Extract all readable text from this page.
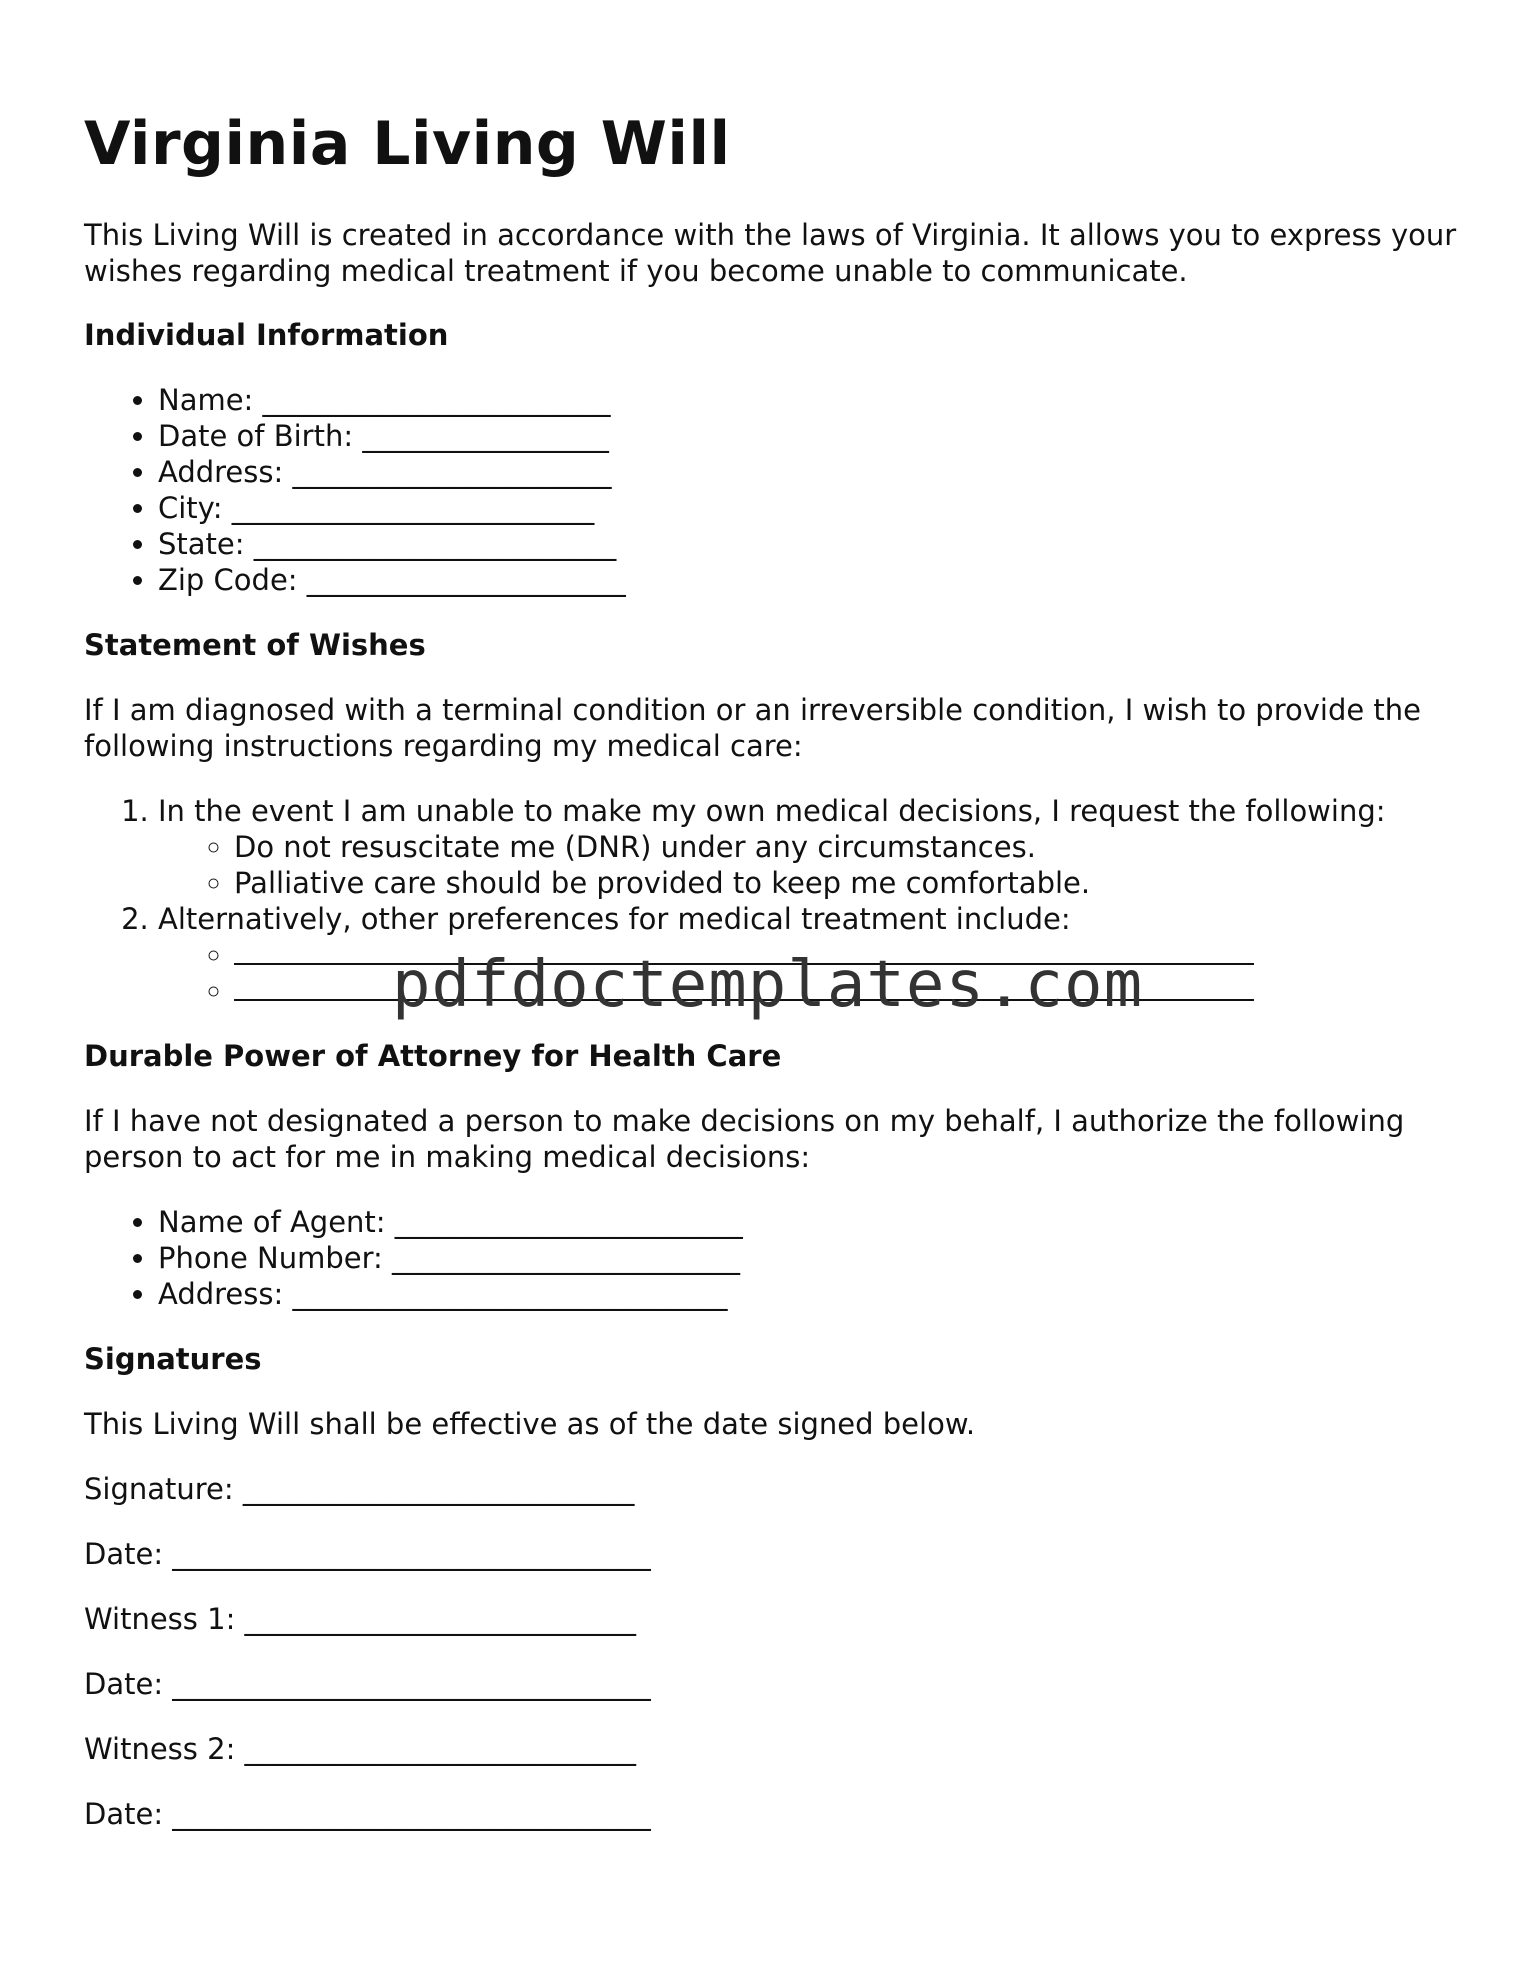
Virginia Living Will

This Living Will is created in accordance with the laws of Virginia. It allows you to express your wishes regarding medical treatment if you become unable to communicate.

Individual Information
• Name: ________________________
• Date of Birth: _________________
• Address: ______________________
• City: _________________________
• State: _________________________
• Zip Code: ______________________
Statement of Wishes

If I am diagnosed with a terminal condition or an irreversible condition, I wish to provide the following instructions regarding my medical care:

1. In the event I am unable to make my own medical decisions, I request the following:
◦ Do not resuscitate me (DNR) under any circumstances.
◦ Palliative care should be provided to keep me comfortable.
2. Alternatively, other preferences for medical treatment include:
◦
◦
Durable Power of Attorney for Health Care

If I have not designated a person to make decisions on my behalf, I authorize the following person to act for me in making medical decisions:

• Name of Agent: ________________________
• Phone Number: ________________________
• Address: ______________________________
Signatures

This Living Will shall be effective as of the date signed below.

Signature: ___________________________

Date: _________________________________

Witness 1: ___________________________

Date: _________________________________

Witness 2: ___________________________

Date: _________________________________

pdfdoctemplates.com
